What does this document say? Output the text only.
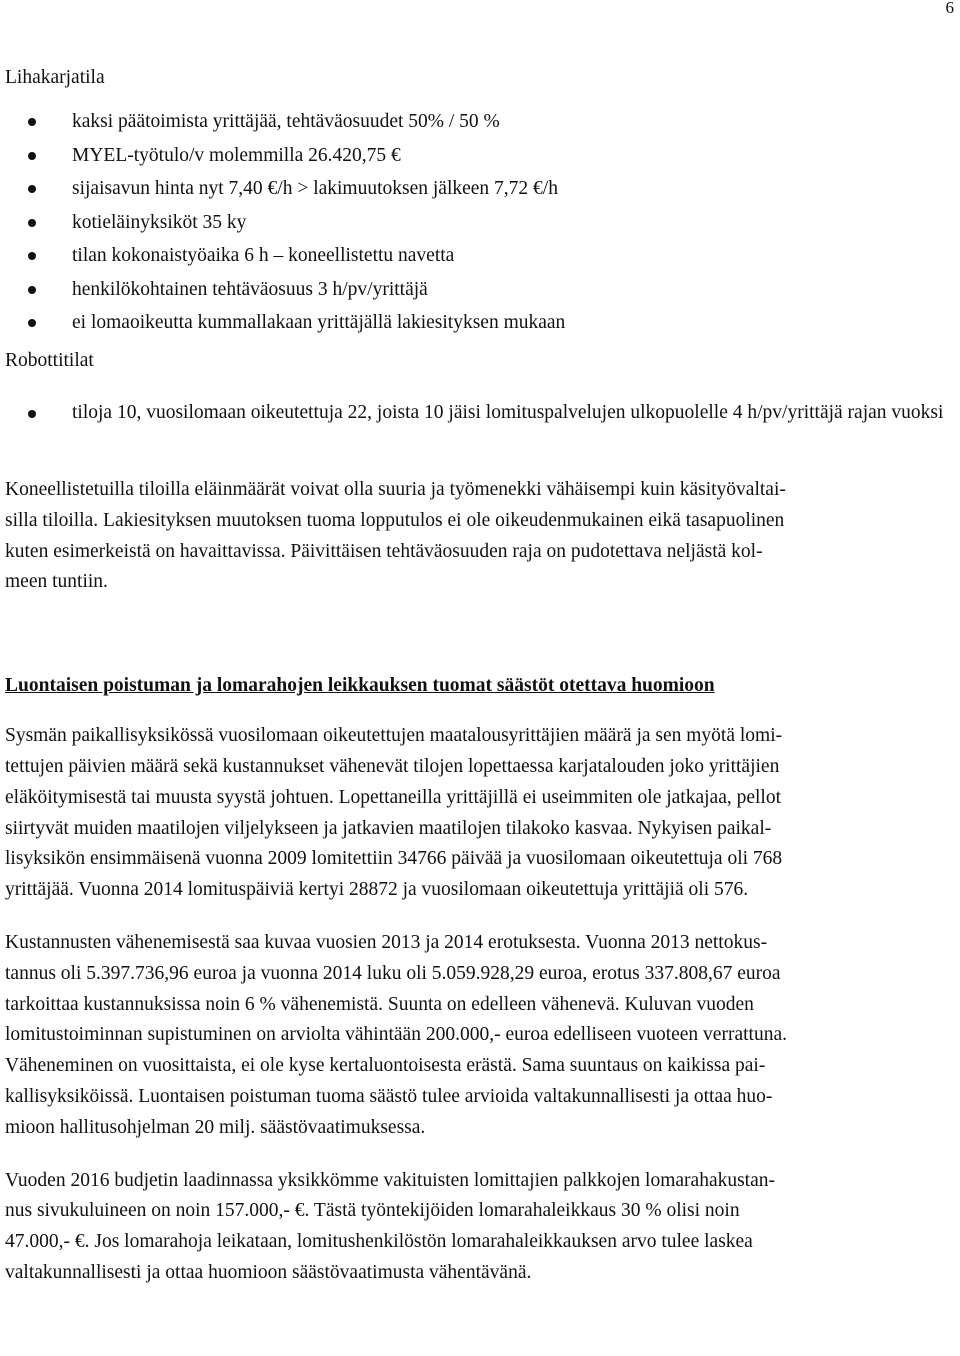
6
Lihakarjatila
kaksi päätoimista yrittäjää, tehtäväosuudet 50% / 50 %
MYEL-työtulo/v molemmilla 26.420,75 €
sijaisavun hinta nyt 7,40 €/h > lakimuutoksen jälkeen 7,72 €/h
kotieläinyksiköt 35 ky
tilan kokonaistyöaika 6 h – koneellistettu navetta
henkilökohtainen tehtäväosuus 3 h/pv/yrittäjä
ei lomaoikeutta kummallakaan yrittäjällä lakiesityksen mukaan
Robottitilat
tiloja 10, vuosilomaan oikeutettuja 22, joista 10 jäisi lomituspalvelujen ulkopuolelle 4 h/pv/yrittäjä rajan vuoksi
Koneellistetuilla tiloilla eläinmäärät voivat olla suuria ja työmenekki vähäisempi kuin käsityövaltai-
silla tiloilla. Lakiesityksen muutoksen tuoma lopputulos ei ole oikeudenmukainen eikä tasapuolinen
kuten esimerkeistä on havaittavissa. Päivittäisen tehtäväosuuden raja on pudotettava neljästä kol-
meen tuntiin.
Luontaisen poistuman ja lomarahojen leikkauksen tuomat säästöt otettava huomioon
Sysmän paikallisyksikössä vuosilomaan oikeutettujen maatalousyrittäjien määrä ja sen myötä lomi-
tettujen päivien määrä sekä kustannukset vähenevät tilojen lopettaessa karjatalouden joko yrittäjien
eläköitymisestä tai muusta syystä johtuen. Lopettaneilla yrittäjillä ei useimmiten ole jatkajaa, pellot
siirtyvät muiden maatilojen viljelykseen ja jatkavien maatilojen tilakoko kasvaa. Nykyisen paikal-
lisyksikön ensimmäisenä vuonna 2009 lomitettiin 34766 päivää ja vuosilomaan oikeutettuja oli 768
yrittäjää. Vuonna 2014 lomituspäiviä kertyi 28872 ja vuosilomaan oikeutettuja yrittäjiä oli 576.
Kustannusten vähenemisestä saa kuvaa vuosien 2013 ja 2014 erotuksesta. Vuonna 2013 nettokus-
tannus oli 5.397.736,96 euroa ja vuonna 2014 luku oli 5.059.928,29 euroa, erotus 337.808,67 euroa
tarkoittaa kustannuksissa noin 6 % vähenemistä. Suunta on edelleen vähenevä. Kuluvan vuoden
lomitustoiminnan supistuminen on arviolta vähintään 200.000,- euroa edelliseen vuoteen verrattuna.
Väheneminen on vuosittaista, ei ole kyse kertaluontoisesta erästä. Sama suuntaus on kaikissa pai-
kallisyksiköissä. Luontaisen poistuman tuoma säästö tulee arvioida valtakunnallisesti ja ottaa huo-
mioon hallitusohjelman 20 milj. säästövaatimuksessa.
Vuoden 2016 budjetin laadinnassa yksikkömme vakituisten lomittajien palkkojen lomarahakustan-
nus sivukuluineen on noin 157.000,- €. Tästä työntekijöiden lomarahaleikkaus 30 % olisi noin
47.000,- €. Jos lomarahoja leikataan, lomitushenkilöstön lomarahaleikkauksen arvo tulee laskea
valtakunnallisesti ja ottaa huomioon säästövaatimusta vähentävänä.
